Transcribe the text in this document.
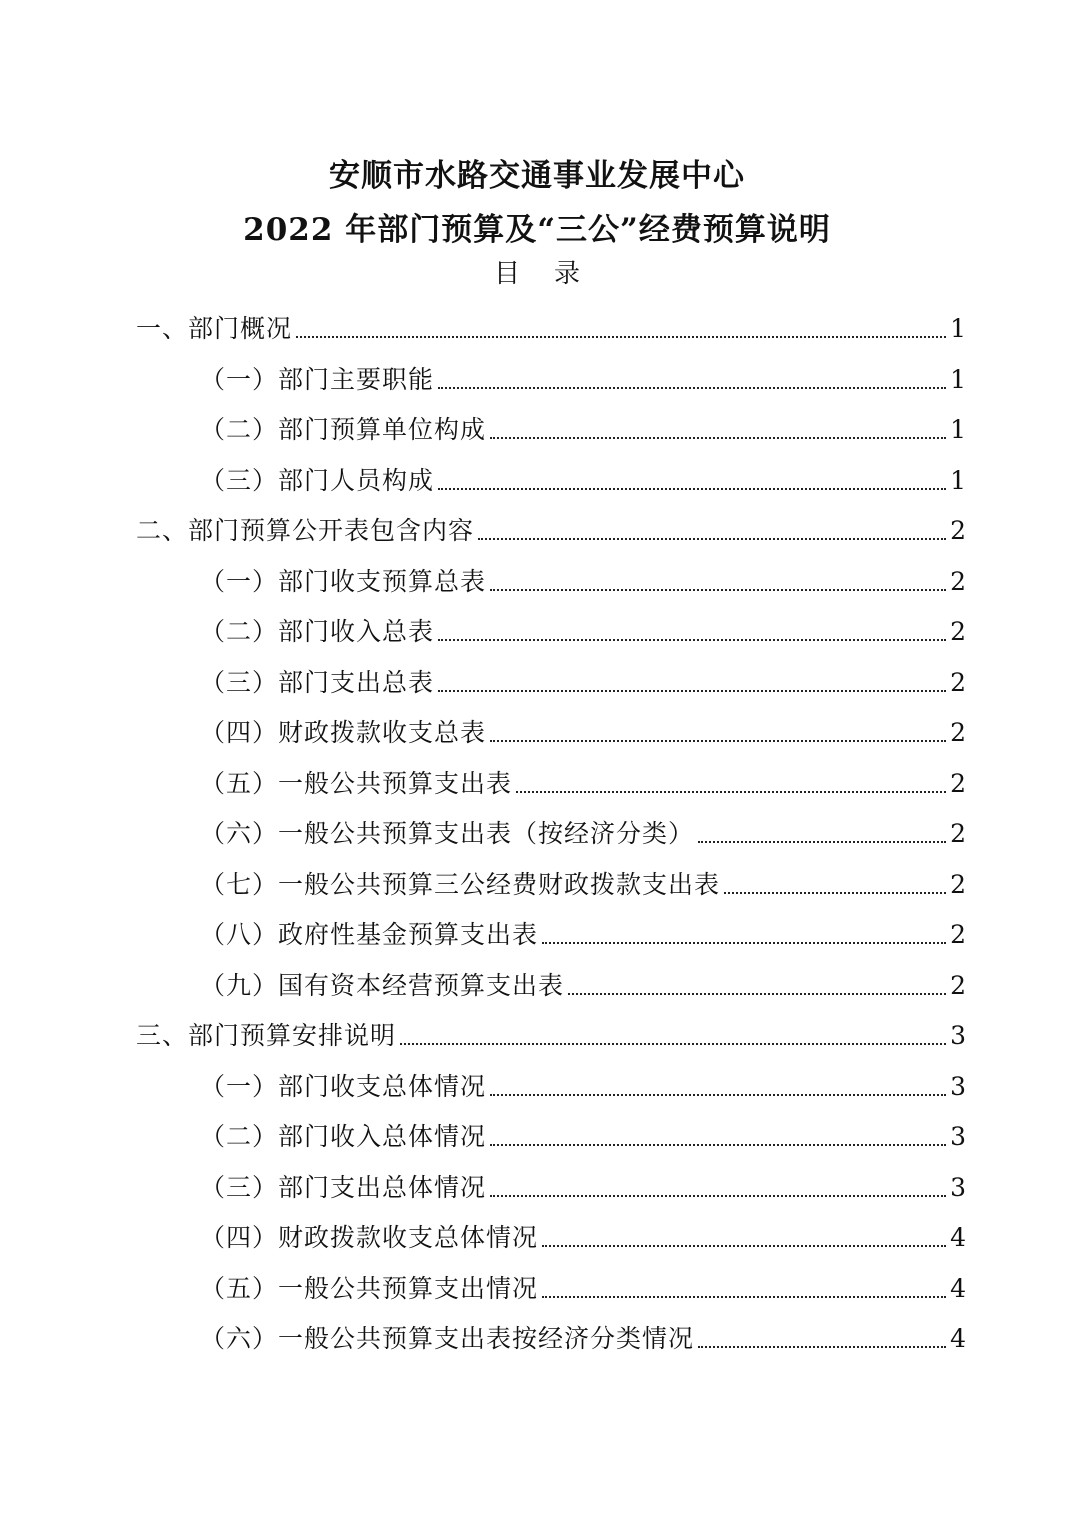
安顺市水路交通事业发展中心
2022 年部门预算及“三公”经费预算说明
目录
一、部门概况	1
（一）部门主要职能	1
（二）部门预算单位构成	1
（三）部门人员构成	1
二、部门预算公开表包含内容	2
（一）部门收支预算总表	2
（二）部门收入总表	2
（三）部门支出总表	2
（四）财政拨款收支总表	2
（五）一般公共预算支出表	2
（六）一般公共预算支出表（按经济分类）	2
（七）一般公共预算三公经费财政拨款支出表	2
（八）政府性基金预算支出表	2
（九）国有资本经营预算支出表	2
三、部门预算安排说明	3
（一）部门收支总体情况	3
（二）部门收入总体情况	3
（三）部门支出总体情况	3
（四）财政拨款收支总体情况	4
（五）一般公共预算支出情况	4
（六）一般公共预算支出表按经济分类情况	4
